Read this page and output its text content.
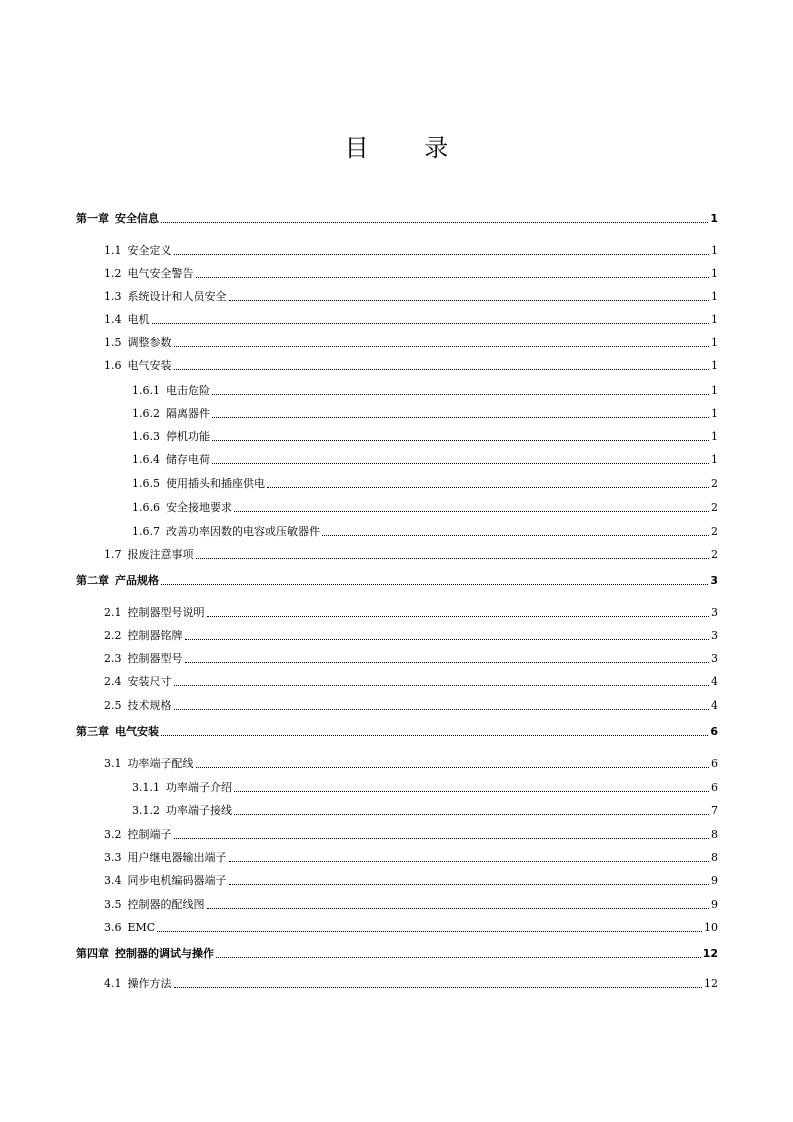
目 录
第一章 安全信息	1
1.1 安全定义	1
1.2 电气安全警告	1
1.3 系统设计和人员安全	1
1.4 电机	1
1.5 调整参数	1
1.6 电气安装	1
1.6.1 电击危险	1
1.6.2 隔离器件	1
1.6.3 停机功能	1
1.6.4 储存电荷	1
1.6.5 使用插头和插座供电	2
1.6.6 安全接地要求	2
1.6.7 改善功率因数的电容或压敏器件	2
1.7 报废注意事项	2
第二章 产品规格	3
2.1 控制器型号说明	3
2.2 控制器铭牌	3
2.3 控制器型号	3
2.4 安装尺寸	4
2.5 技术规格	4
第三章 电气安装	6
3.1 功率端子配线	6
3.1.1 功率端子介绍	6
3.1.2 功率端子接线	7
3.2 控制端子	8
3.3 用户继电器输出端子	8
3.4 同步电机编码器端子	9
3.5 控制器的配线图	9
3.6 EMC	10
第四章 控制器的调试与操作	12
4.1 操作方法	12
